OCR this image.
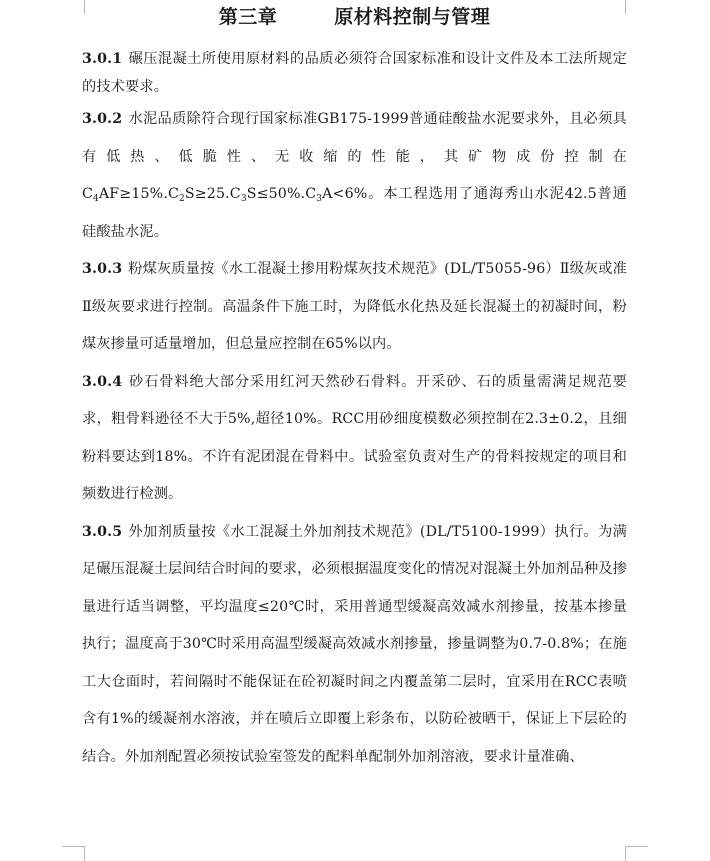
第三章        原材料控制与管理

3.0.1 碾压混凝土所使用原材料的品质必须符合国家标准和设计文件及本工法所规定的技术要求。

3.0.2 水泥品质除符合现行国家标准GB175-1999普通硅酸盐水泥要求外，且必须具有低热、低脆性、无收缩的性能，其矿物成份控制在$C_4AF\ge 15\%.C_2S\ge 25.C_3S\le 50\%.C_3A<6\%$。本工程选用了通海秀山水泥42.5普通硅酸盐水泥。

3.0.3 粉煤灰质量按《水工混凝土掺用粉煤灰技术规范》(DL/T5055-96）Ⅱ级灰或准Ⅱ级灰要求进行控制。高温条件下施工时，为降低水化热及延长混凝土的初凝时间，粉煤灰掺量可适量增加，但总量应控制在65%以内。

3.0.4 砂石骨料绝大部分采用红河天然砂石骨料。开采砂、石的质量需满足规范要求，粗骨料逊径不大于5%,超径10%。RCC用砂细度模数必须控制在2.3±0.2，且细粉料要达到18%。不许有泥团混在骨料中。试验室负责对生产的骨料按规定的项目和频数进行检测。

3.0.5 外加剂质量按《水工混凝土外加剂技术规范》(DL/T5100-1999）执行。为满足碾压混凝土层间结合时间的要求，必须根据温度变化的情况对混凝土外加剂品种及掺量进行适当调整，平均温度≤20℃时，采用普通型缓凝高效减水剂掺量，按基本掺量执行；温度高于30℃时采用高温型缓凝高效减水剂掺量，掺量调整为0.7-0.8%；在施工大仓面时，若间隔时不能保证在砼初凝时间之内覆盖第二层时，宜采用在RCC表喷含有1%的缓凝剂水溶液，并在喷后立即覆上彩条布，以防砼被晒干，保证上下层砼的结合。外加剂配置必须按试验室签发的配料单配制外加剂溶液，要求计量准确、
